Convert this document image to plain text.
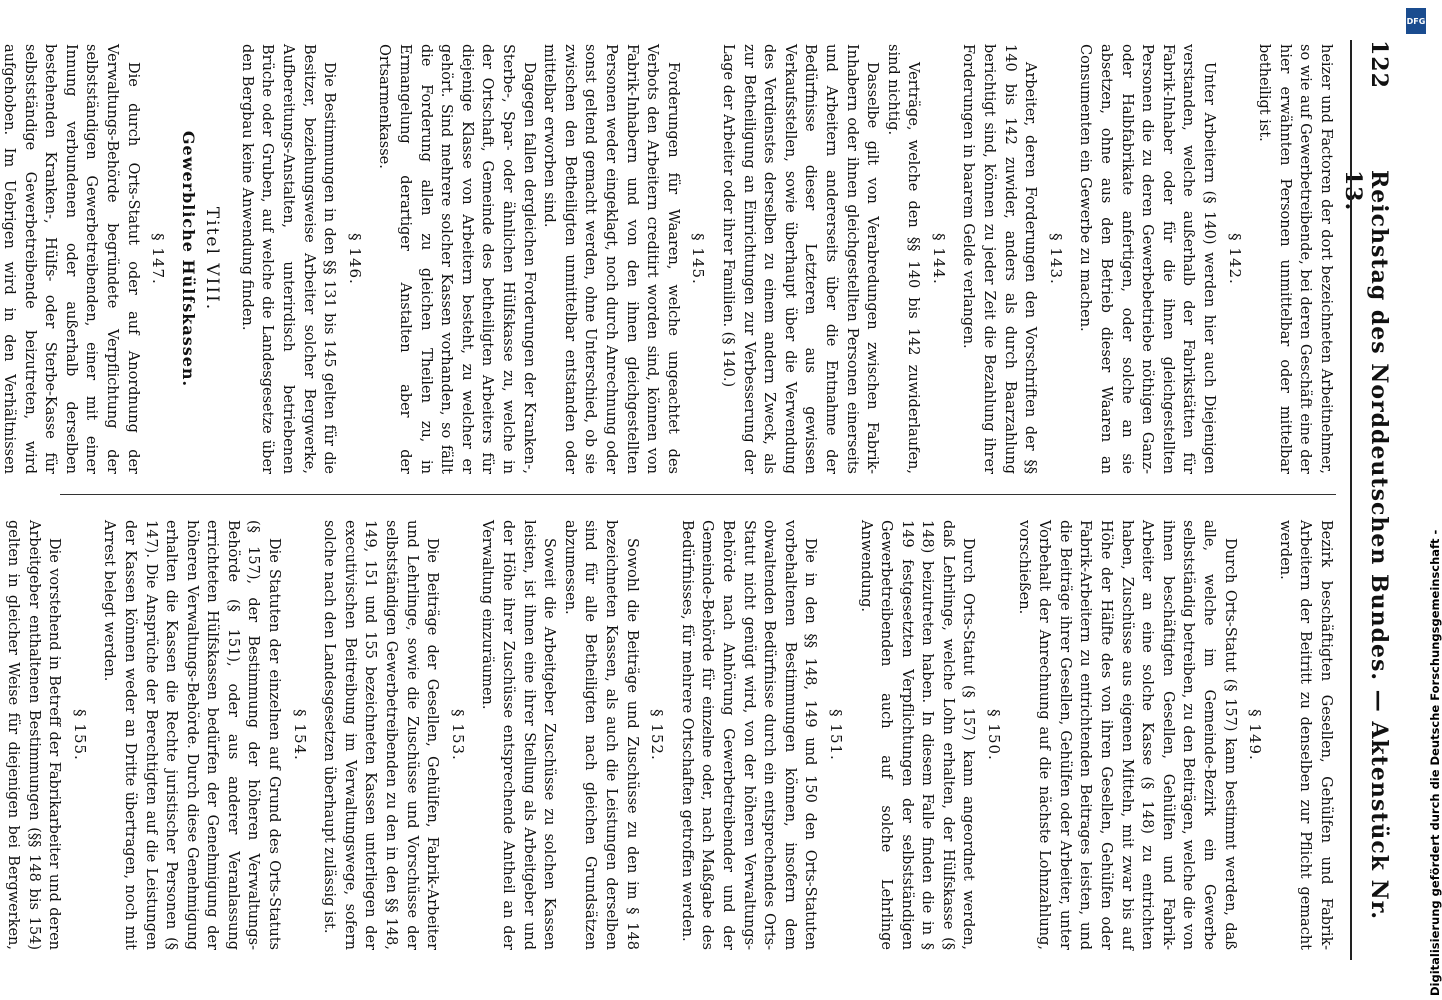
122
Reichstag des Norddeutschen Bundes. — Aktenstück Nr. 13.

heizer und Factoren der dort bezeichneten Arbeitnehmer, so wie auf Gewerbetreibende, bei deren Geschäft eine der hier erwähnten Personen unmittelbar oder mittelbar betheiligt ist.

§ 142.

Unter Arbeitern (§ 140) werden hier auch Diejenigen verstanden, welche außerhalb der Fabrikstätten für Fabrik-Inhaber oder für die ihnen gleichgestellten Personen die zu deren Gewerbebetriebe nöthigen Ganz- oder Halbfabrikate anfertigen, oder solche an sie absetzen, ohne aus den Betrieb dieser Waaren an Consumenten ein Gewerbe zu machen.

§ 143.

Arbeiter, deren Forderungen den Vorschriften der §§ 140 bis 142 zuwider, anders als durch Baarzahlung berichtigt sind, können zu jeder Zeit die Bezahlung ihrer Forderungen in baarem Gelde verlangen.

§ 144.

Verträge, welche den §§ 140 bis 142 zuwiderlaufen, sind nichtig.

Dasselbe gilt von Verabredungen zwischen Fabrik-Inhabern oder ihnen gleichgestellten Personen einerseits und Arbeitern andererseits über die Entnahme der Bedürfnisse dieser Letzteren aus gewissen Verkaufsstellen, sowie überhaupt über die Verwendung des Verdienstes derselben zu einem andern Zweck, als zur Betheiligung an Einrichtungen zur Verbesserung der Lage der Arbeiter oder ihrer Familien. (§ 140.)

§ 145.

Forderungen für Waaren, welche ungeachtet des Verbots den Arbeitern creditirt worden sind, können von Fabrik-Inhabern und von den ihnen gleichgestellten Personen weder eingeklagt, noch durch Anrechnung oder sonst geltend gemacht werden, ohne Unterschied, ob sie zwischen den Betheiligten unmittelbar entstanden oder mittelbar erworben sind.

Dagegen fallen dergleichen Forderungen der Kranken-, Sterbe-, Spar- oder ähnlichen Hülfskasse zu, welche in der Ortschaft, Gemeinde des betheiligten Arbeiters für diejenige Klasse von Arbeitern besteht, zu welcher er gehört. Sind mehrere solcher Kassen vorhanden, so fällt die Forderung allen zu gleichen Theilen zu, in Ermangelung derartiger Anstalten aber der Ortsarmenkasse.

§ 146.

Die Bestimmungen in den §§ 131 bis 145 gelten für die Besitzer, beziehungsweise Arbeiter solcher Bergwerke, Aufbereitungs-Anstalten, unterirdisch betriebenen Brüche oder Gruben, auf welche die Landesgesetze über den Bergbau keine Anwendung finden.

Titel VIII.
Gewerbliche Hülfskassen.
§ 147.

Die durch Orts-Statut oder auf Anordnung der Verwaltungs-Behörde begründete Verpflichtung der selbstständigen Gewerbetreibenden, einer mit einer Innung verbundenen oder außerhalb derselben bestehenden Kranken-, Hülfs- oder Sterbe-Kasse für selbstständige Gewerbetreibende beizutreten, wird aufgehoben. Im Uebrigen wird in den Verhältnissen

Bezirk beschäftigten Gesellen, Gehülfen und Fabrik-Arbeitern der Beitritt zu denselben zur Pflicht gemacht werden.

§ 149.

Durch Orts-Statut (§ 157) kann bestimmt werden, daß alle, welche im Gemeinde-Bezirk ein Gewerbe selbstständig betreiben, zu den Beiträgen, welche die von ihnen beschäftigten Gesellen, Gehülfen und Fabrik-Arbeiter an eine solche Kasse (§ 148) zu entrichten haben, Zuschüsse aus eigenen Mitteln, mit zwar bis auf Höhe der Hälfte des von ihren Gesellen, Gehülfen oder Fabrik-Arbeitern zu entrichtenden Beitrages leisten, und die Beiträge ihrer Gesellen, Gehülfen oder Arbeiter, unter Vorbehalt der Anrechnung auf die nächste Lohnzahlung, vorschießen.

§ 150.

Durch Orts-Statut (§ 157) kann angeordnet werden, daß Lehrlinge, welche Lohn erhalten, der Hülfskasse (§ 148) beizutreten haben. In diesem Falle finden die in § 149 festgesetzten Verpflichtungen der selbstständigen Gewerbetreibenden auch auf solche Lehrlinge Anwendung.

§ 151.

Die in den §§ 148, 149 und 150 den Orts-Statuten vorbehaltenen Bestimmungen können, insofern dem obwaltenden Bedürfnisse durch ein entsprechendes Orts-Statut nicht genügt wird, von der höheren Verwaltungs-Behörde nach Anhörung Gewerbetreibender und der Gemeinde-Behörde für einzelne oder, nach Maßgabe des Bedürfnisses, für mehrere Ortschaften getroffen werden.

§ 152.

Sowohl die Beiträge und Zuschüsse zu den im § 148 bezeichneten Kassen, als auch die Leistungen derselben sind für alle Betheiligten nach gleichen Grundsätzen abzumessen.

Soweit die Arbeitgeber Zuschüsse zu solchen Kassen leisten, ist ihnen eine ihrer Stellung als Arbeitgeber und der Höhe ihrer Zuschüsse entsprechende Antheil an der Verwaltung einzuräumen.

§ 153.

Die Beiträge der Gesellen, Gehülfen, Fabrik-Arbeiter und Lehrlinge, sowie die Zuschüsse und Vorschüsse der selbstständigen Gewerbetreibenden zu den in den §§ 148, 149, 151 und 155 bezeichneten Kassen unterliegen der executivischen Beitreibung im Verwaltungswege, sofern solche nach den Landesgesetzen überhaupt zulässig ist.

§ 154.

Die Statuten der einzelnen auf Grund des Orts-Statuts (§ 157), der Bestimmung der höheren Verwaltungs-Behörde (§ 151), oder aus anderer Veranlassung errichteten Hülfskassen bedürfen der Genehmigung der höheren Verwaltungs-Behörde. Durch diese Genehmigung erhalten die Kassen die Rechte juristischer Personen (§ 147). Die Ansprüche der Berechtigten auf die Leistungen der Kassen können weder an Dritte übertragen, noch mit Arrest belegt werden.

§ 155.

Die vorstehend in Betreff der Fabrikarbeiter und deren Arbeitgeber enthaltenen Bestimmungen (§§ 148 bis 154) gelten in gleicher Weise für diejenigen bei Bergwerken,

DFG
Digitalisierung gefördert durch die Deutsche Forschungsgemeinschaft -
